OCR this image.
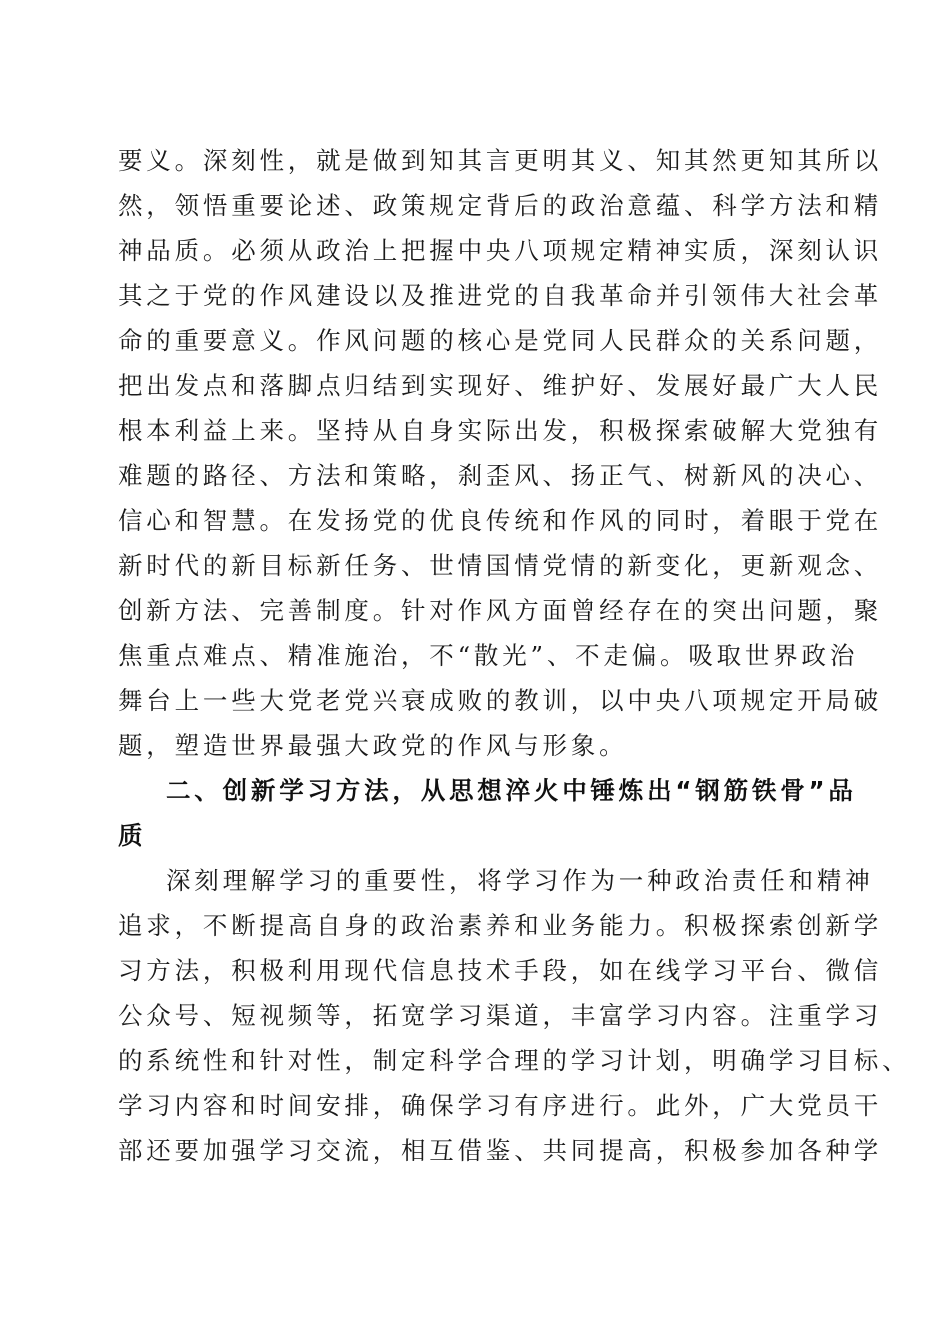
要义。深刻性，就是做到知其言更明其义、知其然更知其所以
然，领悟重要论述、政策规定背后的政治意蕴、科学方法和精
神品质。必须从政治上把握中央八项规定精神实质，深刻认识
其之于党的作风建设以及推进党的自我革命并引领伟大社会革
命的重要意义。作风问题的核心是党同人民群众的关系问题，
把出发点和落脚点归结到实现好、维护好、发展好最广大人民
根本利益上来。坚持从自身实际出发，积极探索破解大党独有
难题的路径、方法和策略，刹歪风、扬正气、树新风的决心、
信心和智慧。在发扬党的优良传统和作风的同时，着眼于党在
新时代的新目标新任务、世情国情党情的新变化，更新观念、
创新方法、完善制度。针对作风方面曾经存在的突出问题，聚
焦重点难点、精准施治，不“散光”、不走偏。吸取世界政治
舞台上一些大党老党兴衰成败的教训，以中央八项规定开局破
题，塑造世界最强大政党的作风与形象。
二、创新学习方法，从思想淬火中锤炼出“钢筋铁骨”品
质
深刻理解学习的重要性，将学习作为一种政治责任和精神
追求，不断提高自身的政治素养和业务能力。积极探索创新学
习方法，积极利用现代信息技术手段，如在线学习平台、微信
公众号、短视频等，拓宽学习渠道，丰富学习内容。注重学习
的系统性和针对性，制定科学合理的学习计划，明确学习目标、
学习内容和时间安排，确保学习有序进行。此外，广大党员干
部还要加强学习交流，相互借鉴、共同提高，积极参加各种学
